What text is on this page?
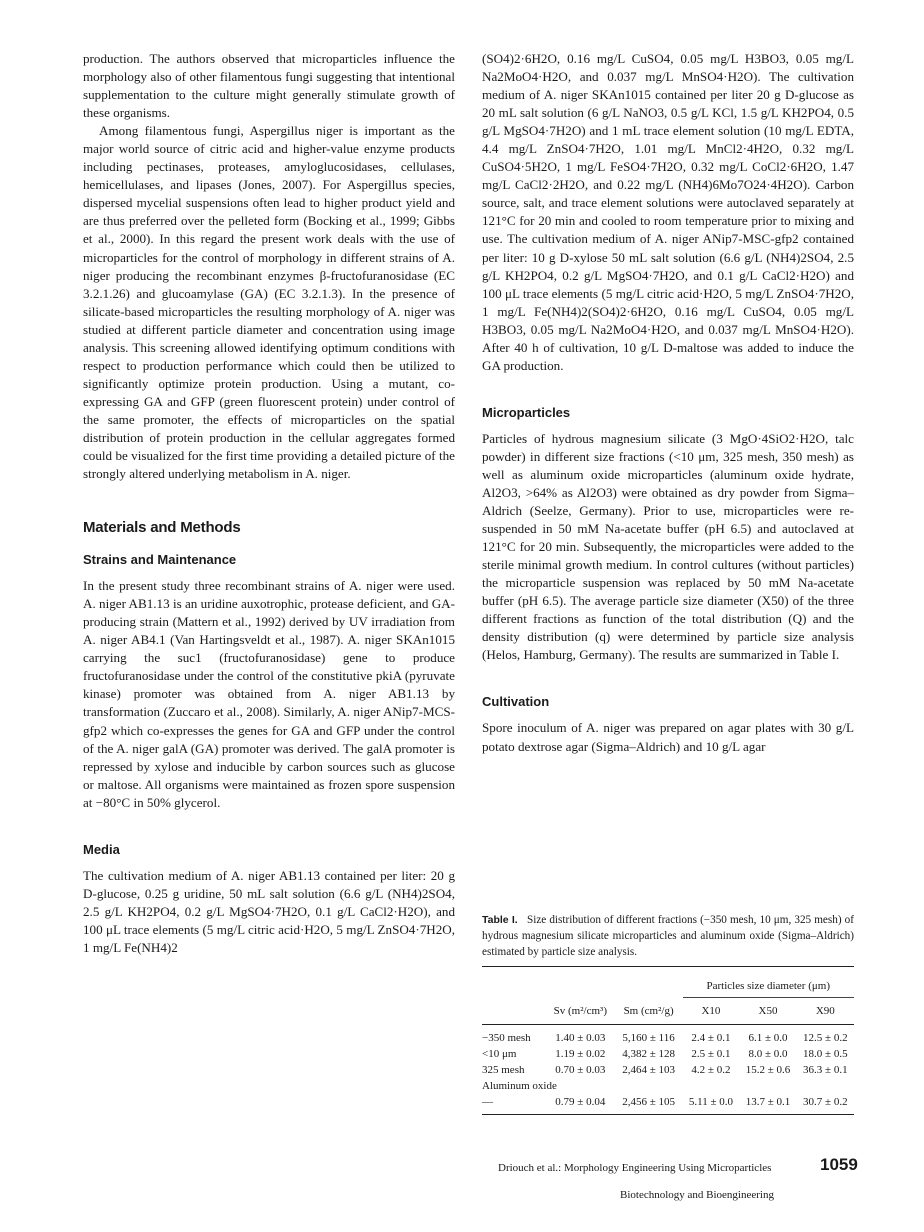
production. The authors observed that microparticles influence the morphology also of other filamentous fungi suggesting that intentional supplementation to the culture might generally stimulate growth of these organisms.

Among filamentous fungi, Aspergillus niger is important as the major world source of citric acid and higher-value enzyme products including pectinases, proteases, amyloglucosidases, cellulases, hemicellulases, and lipases (Jones, 2007). For Aspergillus species, dispersed mycelial suspensions often lead to higher product yield and are thus preferred over the pelleted form (Bocking et al., 1999; Gibbs et al., 2000). In this regard the present work deals with the use of microparticles for the control of morphology in different strains of A. niger producing the recombinant enzymes β-fructofuranosidase (EC 3.2.1.26) and glucoamylase (GA) (EC 3.2.1.3). In the presence of silicate-based microparticles the resulting morphology of A. niger was studied at different particle diameter and concentration using image analysis. This screening allowed identifying optimum conditions with respect to production performance which could then be utilized to significantly optimize protein production. Using a mutant, co-expressing GA and GFP (green fluorescent protein) under control of the same promoter, the effects of microparticles on the spatial distribution of protein production in the cellular aggregates formed could be visualized for the first time providing a detailed picture of the strongly altered underlying metabolism in A. niger.

Materials and Methods
Strains and Maintenance

In the present study three recombinant strains of A. niger were used. A. niger AB1.13 is an uridine auxotrophic, protease deficient, and GA-producing strain (Mattern et al., 1992) derived by UV irradiation from A. niger AB4.1 (Van Hartingsveldt et al., 1987). A. niger SKAn1015 carrying the suc1 (fructofuranosidase) gene to produce fructofuranosidase under the control of the constitutive pkiA (pyruvate kinase) promoter was obtained from A. niger AB1.13 by transformation (Zuccaro et al., 2008). Similarly, A. niger ANip7-MCS-gfp2 which co-expresses the genes for GA and GFP under the control of the A. niger galA (GA) promoter was derived. The galA promoter is repressed by xylose and inducible by carbon sources such as glucose or maltose. All organisms were maintained as frozen spore suspension at −80°C in 50% glycerol.

Media

The cultivation medium of A. niger AB1.13 contained per liter: 20 g D-glucose, 0.25 g uridine, 50 mL salt solution (6.6 g/L (NH4)2SO4, 2.5 g/L KH2PO4, 0.2 g/L MgSO4·7H2O, 0.1 g/L CaCl2·H2O), and 100 μL trace elements (5 mg/L citric acid·H2O, 5 mg/L ZnSO4·7H2O, 1 mg/L Fe(NH4)2

(SO4)2·6H2O, 0.16 mg/L CuSO4, 0.05 mg/L H3BO3, 0.05 mg/L Na2MoO4·H2O, and 0.037 mg/L MnSO4·H2O). The cultivation medium of A. niger SKAn1015 contained per liter 20 g D-glucose as 20 mL salt solution (6 g/L NaNO3, 0.5 g/L KCl, 1.5 g/L KH2PO4, 0.5 g/L MgSO4·7H2O) and 1 mL trace element solution (10 mg/L EDTA, 4.4 mg/L ZnSO4·7H2O, 1.01 mg/L MnCl2·4H2O, 0.32 mg/L CuSO4·5H2O, 1 mg/L FeSO4·7H2O, 0.32 mg/L CoCl2·6H2O, 1.47 mg/L CaCl2·2H2O, and 0.22 mg/L (NH4)6Mo7O24·4H2O). Carbon source, salt, and trace element solutions were autoclaved separately at 121°C for 20 min and cooled to room temperature prior to mixing and use. The cultivation medium of A. niger ANip7-MSC-gfp2 contained per liter: 10 g D-xylose 50 mL salt solution (6.6 g/L (NH4)2SO4, 2.5 g/L KH2PO4, 0.2 g/L MgSO4·7H2O, and 0.1 g/L CaCl2·H2O) and 100 μL trace elements (5 mg/L citric acid·H2O, 5 mg/L ZnSO4·7H2O, 1 mg/L Fe(NH4)2(SO4)2·6H2O, 0.16 mg/L CuSO4, 0.05 mg/L H3BO3, 0.05 mg/L Na2MoO4·H2O, and 0.037 mg/L MnSO4·H2O). After 40 h of cultivation, 10 g/L D-maltose was added to induce the GA production.

Microparticles

Particles of hydrous magnesium silicate (3 MgO·4SiO2·H2O, talc powder) in different size fractions (<10 μm, 325 mesh, 350 mesh) as well as aluminum oxide microparticles (aluminum oxide hydrate, Al2O3, >64% as Al2O3) were obtained as dry powder from Sigma–Aldrich (Seelze, Germany). Prior to use, microparticles were re-suspended in 50 mM Na-acetate buffer (pH 6.5) and autoclaved at 121°C for 20 min. Subsequently, the microparticles were added to the sterile minimal growth medium. In control cultures (without particles) the microparticle suspension was replaced by 50 mM Na-acetate buffer (pH 6.5). The average particle size diameter (X50) of the three different fractions as function of the total distribution (Q) and the density distribution (q) were determined by particle size analysis (Helos, Hamburg, Germany). The results are summarized in Table I.

Cultivation

Spore inoculum of A. niger was prepared on agar plates with 30 g/L potato dextrose agar (Sigma–Aldrich) and 10 g/L agar

Table I. Size distribution of different fractions (−350 mesh, 10 μm, 325 mesh) of hydrous magnesium silicate microparticles and aluminum oxide (Sigma–Aldrich) estimated by particle size analysis.

			Particles size diameter (μm)		
	Sv (m²/cm³)	Sm (cm²/g)	X10	X50	X90
−350 mesh	1.40 ± 0.03	5,160 ± 116	2.4 ± 0.1	6.1 ± 0.0	12.5 ± 0.2
<10 μm	1.19 ± 0.02	4,382 ± 128	2.5 ± 0.1	8.0 ± 0.0	18.0 ± 0.5
325 mesh	0.70 ± 0.03	2,464 ± 103	4.2 ± 0.2	15.2 ± 0.6	36.3 ± 0.1
Aluminum oxide					
—	0.79 ± 0.04	2,456 ± 105	5.11 ± 0.0	13.7 ± 0.1	30.7 ± 0.2
Driouch et al.: Morphology Engineering Using Microparticles	1059
Biotechnology and Bioengineering
